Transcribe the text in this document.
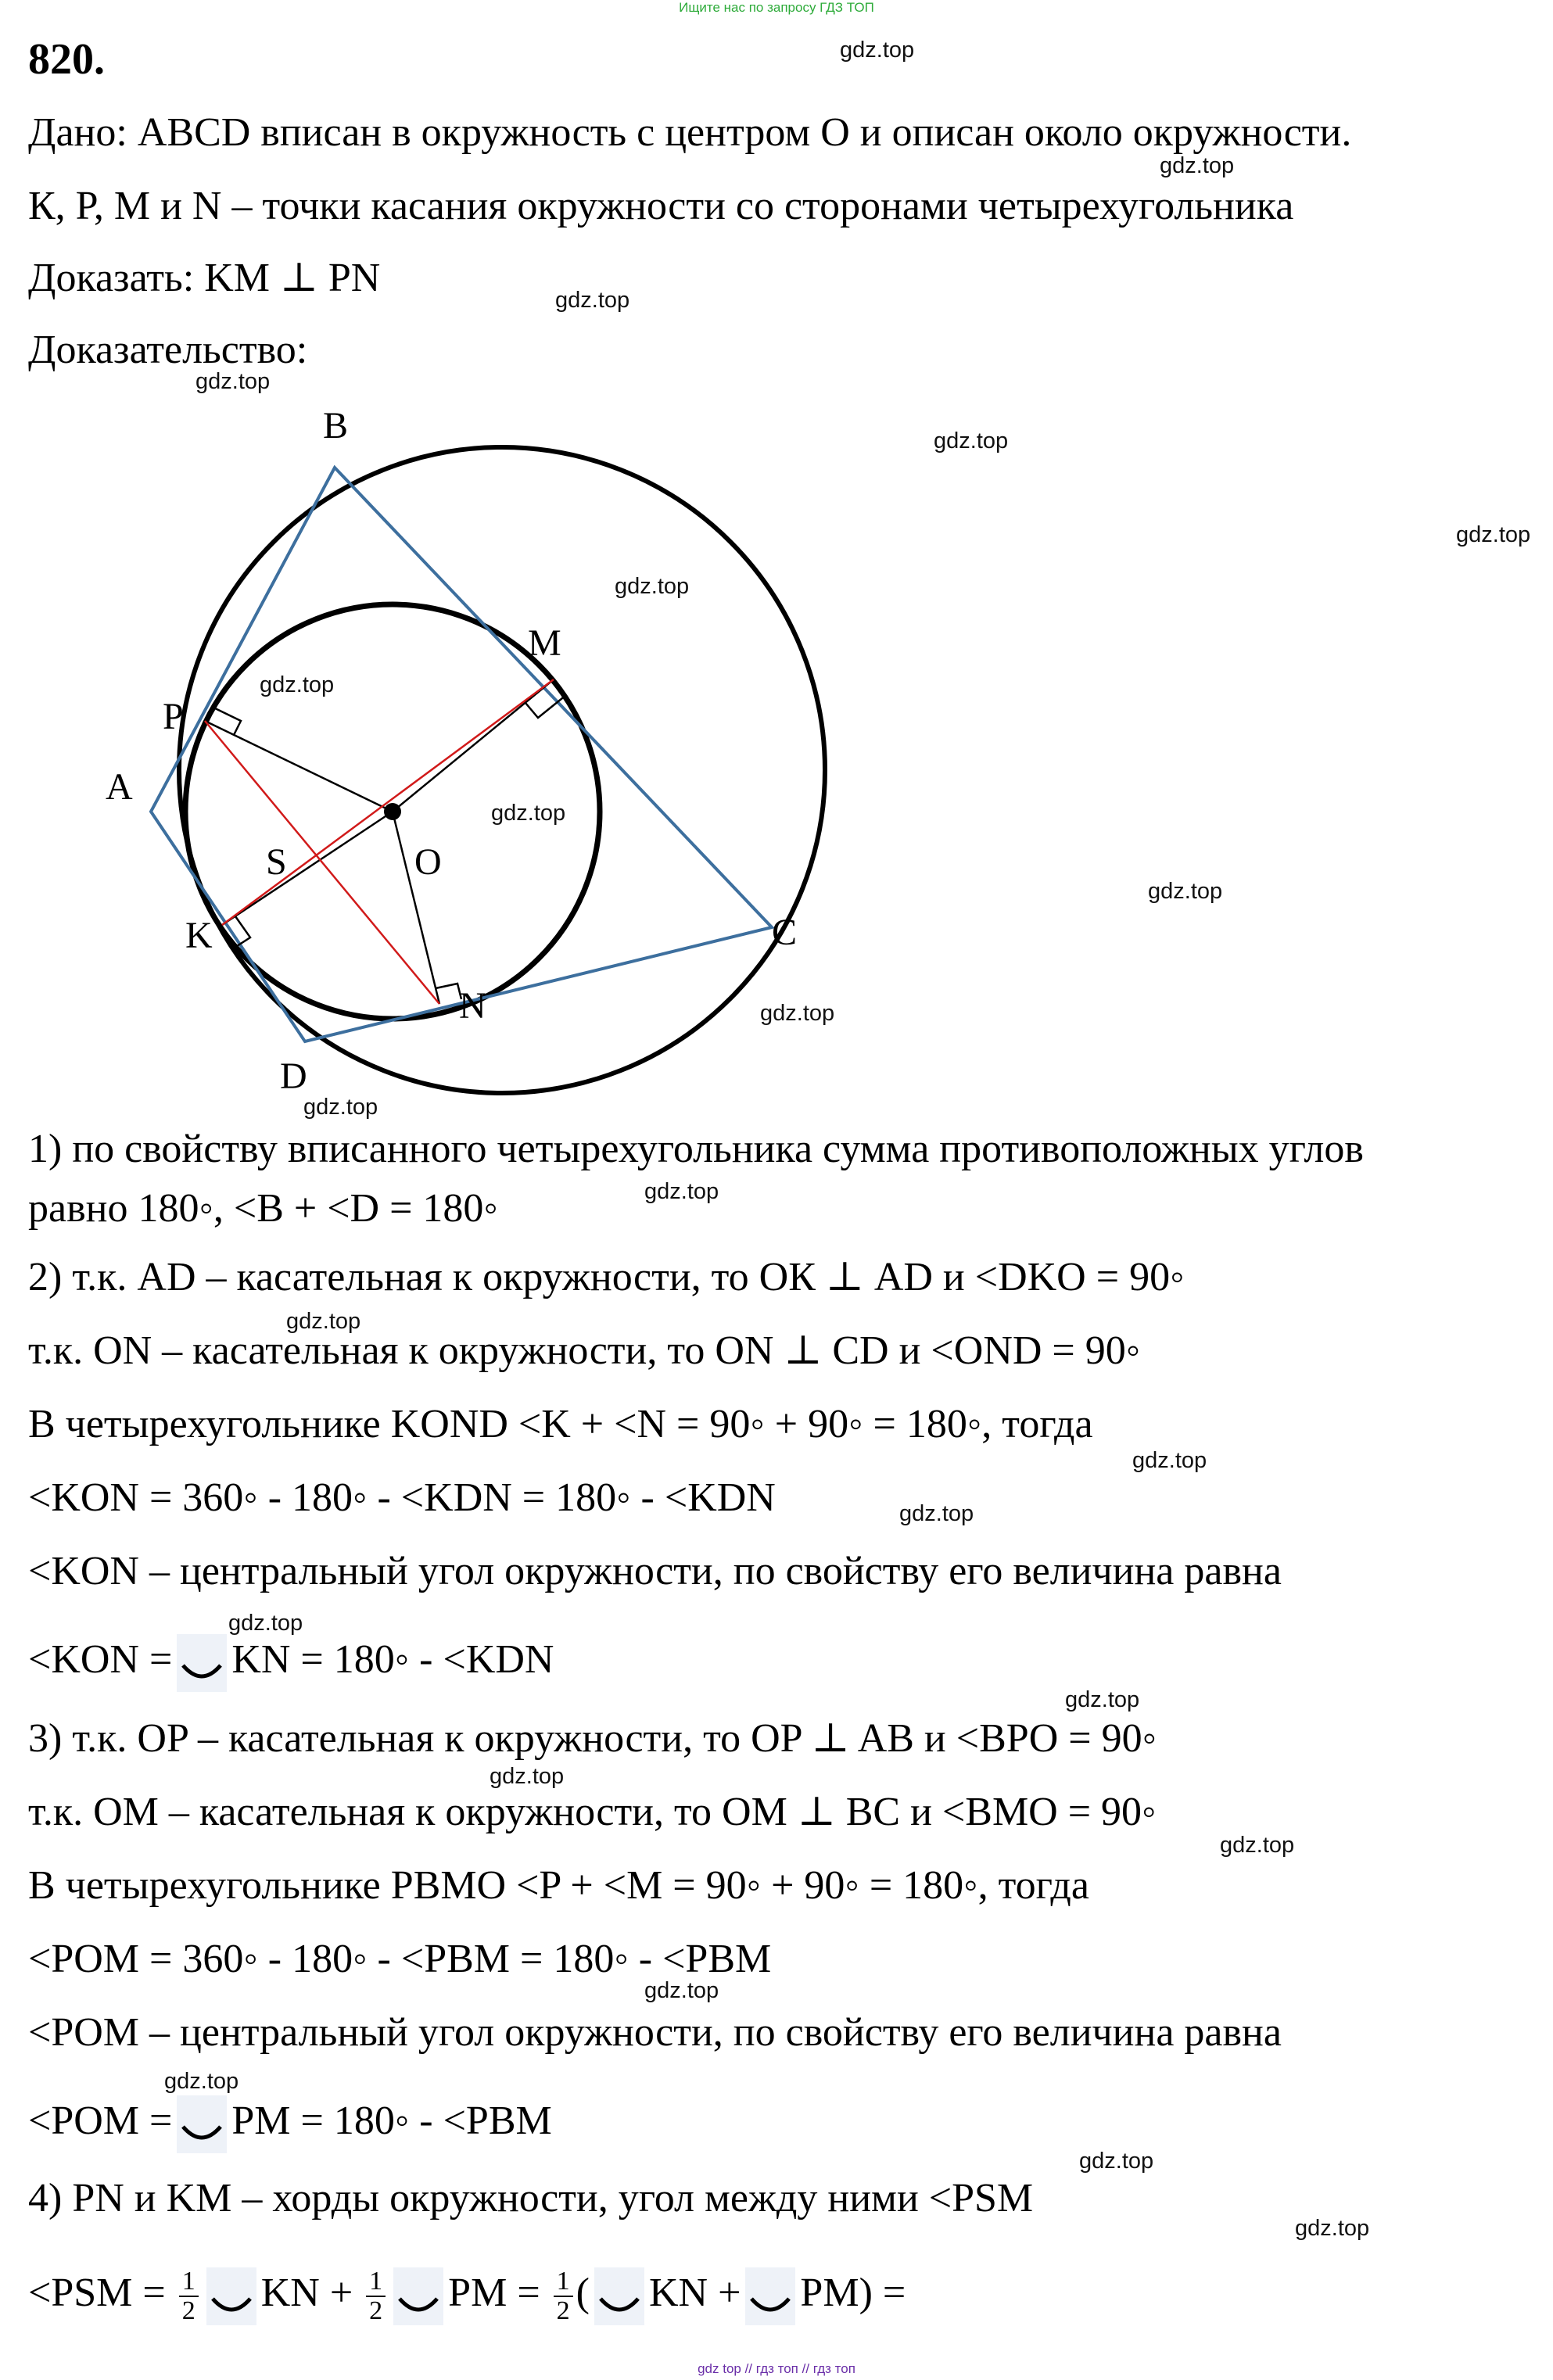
Ищите нас по запросу ГДЗ ТОП
820.
Дано: ABCD вписан в окружность с центром O и описан около окружности.
К, P, M и N – точки касания окружности со сторонами четырехугольника
Доказать: KM ⊥ PN
Доказательство:
B
M
P
A
S	O
K	C
N
D
1) по свойству вписанного четырехугольника сумма противоположных углов
равно 180◦, <B + <D = 180◦
2) т.к. AD – касательная к окружности, то OК ⊥ AD и <DKO = 90◦
т.к. ON – касательная к окружности, то ON ⊥ CD и <OND = 90◦
В четырехугольнике KOND <K + <N = 90◦ + 90◦ = 180◦, тогда
<KON = 360◦ - 180◦ - <KDN = 180◦ - <KDN
<KON – центральный угол окружности, по свойству его величина равна
<KON = KN = 180◦ - <KDN
3) т.к. OP – касательная к окружности, то OP ⊥ AB и <BPO = 90◦
т.к. OM – касательная к окружности, то OM ⊥ BC и <BMO = 90◦
В четырехугольнике PBMO <P + <M = 90◦ + 90◦ = 180◦, тогда
<POM = 360◦ - 180◦ - <PBM = 180◦ - <PBM
<POM – центральный угол окружности, по свойству его величина равна
<POM = PM = 180◦ - <PBM
4) PN и KM – хорды окружности, угол между ними <PSM
$<PSM = \frac{1}{2}$ KN + $\frac{1}{2}$ PM = $\frac{1}{2}$ ( KN + PM) =
gdz.top
gdz.top
gdz.top
gdz.top
gdz.top
gdz.top
gdz.top
gdz.top
gdz.top
gdz.top
gdz.top
gdz.top
gdz.top
gdz.top
gdz.top
gdz.top
gdz.top
gdz.top
gdz.top
gdz.top
gdz.top
gdz.top
gdz.top
gdz.top
gdz top // гдз топ // гдз топ
